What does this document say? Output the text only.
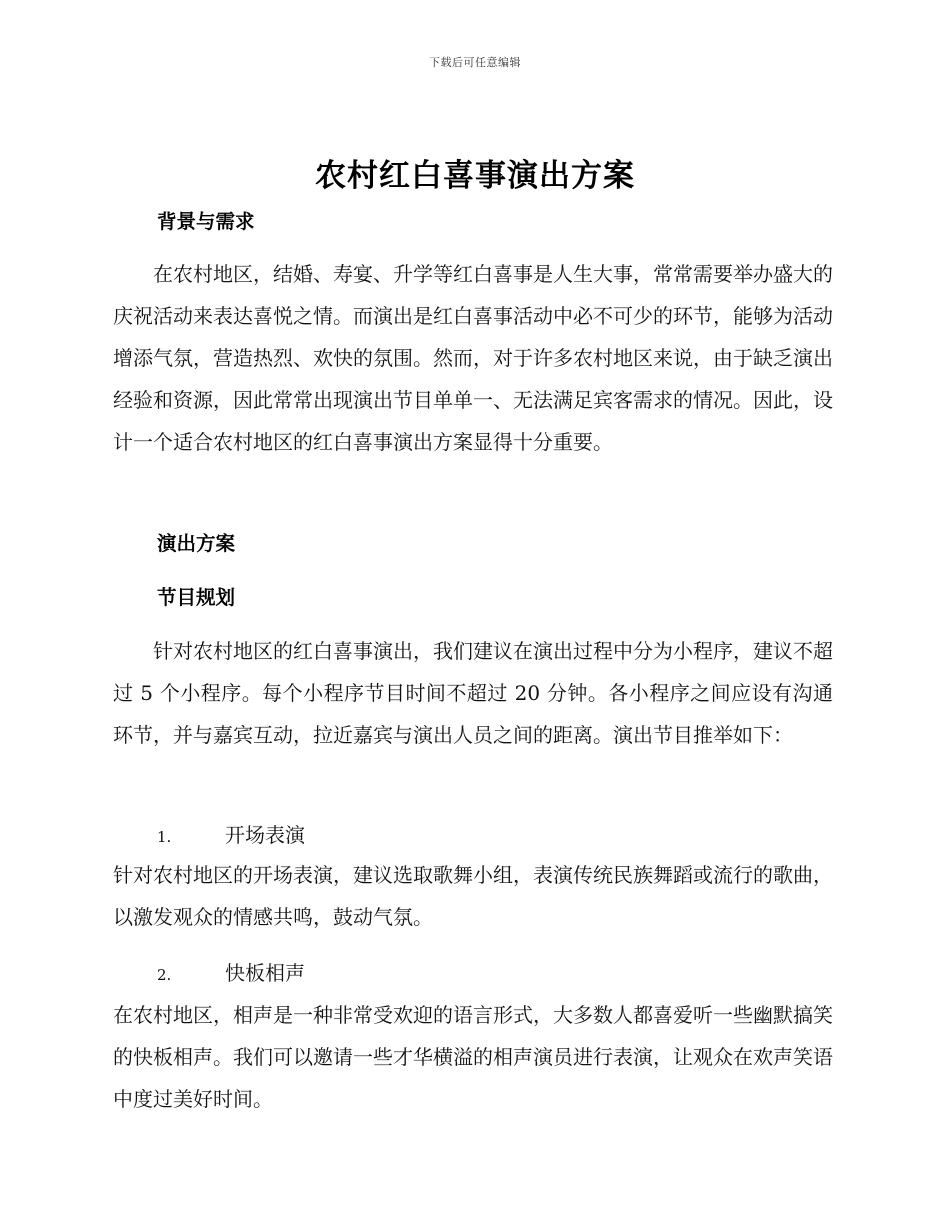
下载后可任意编辑
农村红白喜事演出方案
背景与需求
在农村地区，结婚、寿宴、升学等红白喜事是人生大事，常常需要举办盛大的庆祝活动来表达喜悦之情。而演出是红白喜事活动中必不可少的环节，能够为活动增添气氛，营造热烈、欢快的氛围。然而，对于许多农村地区来说，由于缺乏演出经验和资源，因此常常出现演出节目单单一、无法满足宾客需求的情况。因此，设计一个适合农村地区的红白喜事演出方案显得十分重要。
演出方案
节目规划
针对农村地区的红白喜事演出，我们建议在演出过程中分为小程序，建议不超过 5 个小程序。每个小程序节目时间不超过 20 分钟。各小程序之间应设有沟通环节，并与嘉宾互动，拉近嘉宾与演出人员之间的距离。演出节目推举如下：
1.	开场表演
针对农村地区的开场表演，建议选取歌舞小组，表演传统民族舞蹈或流行的歌曲，以激发观众的情感共鸣，鼓动气氛。
2.	快板相声
在农村地区，相声是一种非常受欢迎的语言形式，大多数人都喜爱听一些幽默搞笑的快板相声。我们可以邀请一些才华横溢的相声演员进行表演，让观众在欢声笑语中度过美好时间。
